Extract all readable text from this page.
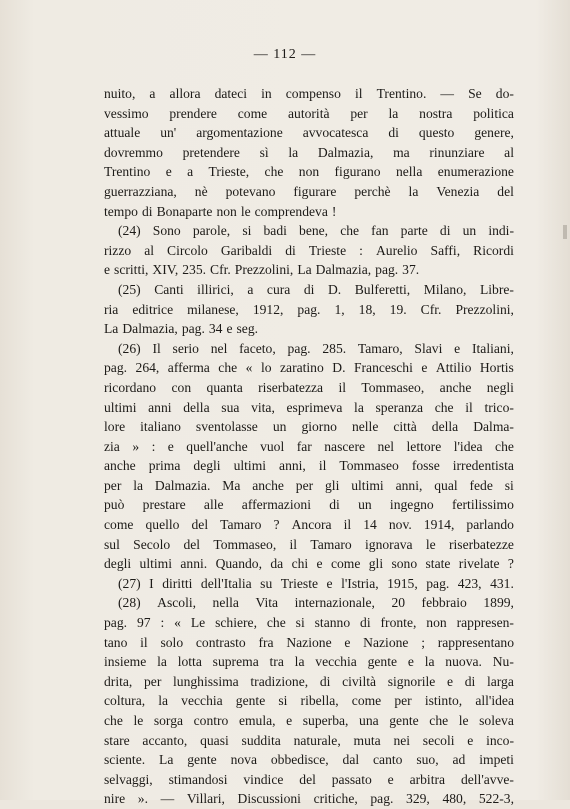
— 112 —
nuito, a allora dateci in compenso il Trentino. — Se do-
vessimo prendere come autorità per la nostra politica
attuale un' argomentazione avvocatesca di questo genere,
dovremmo pretendere sì la Dalmazia, ma rinunziare al
Trentino e a Trieste, che non figurano nella enumerazione
guerrazziana, nè potevano figurare perchè la Venezia del
tempo di Bonaparte non le comprendeva !
(24) Sono parole, si badi bene, che fan parte di un indi-
rizzo al Circolo Garibaldi di Trieste : Aurelio Saffi, Ricordi
e scritti, XIV, 235. Cfr. Prezzolini, La Dalmazia, pag. 37.
(25) Canti illirici, a cura di D. Bulferetti, Milano, Libre-
ria editrice milanese, 1912, pag. 1, 18, 19. Cfr. Prezzolini,
La Dalmazia, pag. 34 e seg.
(26) Il serio nel faceto, pag. 285. Tamaro, Slavi e Italiani,
pag. 264, afferma che « lo zaratino D. Franceschi e Attilio Hortis
ricordano con quanta riserbatezza il Tommaseo, anche negli
ultimi anni della sua vita, esprimeva la speranza che il trico-
lore italiano sventolasse un giorno nelle città della Dalma-
zia » : e quell'anche vuol far nascere nel lettore l'idea che
anche prima degli ultimi anni, il Tommaseo fosse irredentista
per la Dalmazia. Ma anche per gli ultimi anni, qual fede si
può prestare alle affermazioni di un ingegno fertilissimo
come quello del Tamaro ? Ancora il 14 nov. 1914, parlando
sul Secolo del Tommaseo, il Tamaro ignorava le riserbatezze
degli ultimi anni. Quando, da chi e come gli sono state rivelate ?
(27) I diritti dell'Italia su Trieste e l'Istria, 1915, pag. 423, 431.
(28) Ascoli, nella Vita internazionale, 20 febbraio 1899,
pag. 97 : « Le schiere, che si stanno di fronte, non rappresen-
tano il solo contrasto fra Nazione e Nazione ; rappresentano
insieme la lotta suprema tra la vecchia gente e la nuova. Nu-
drita, per lunghissima tradizione, di civiltà signorile e di larga
coltura, la vecchia gente si ribella, come per istinto, all'idea
che le sorga contro emula, e superba, una gente che le soleva
stare accanto, quasi suddita naturale, muta nei secoli e inco-
sciente. La gente nova obbedisce, dal canto suo, ad impeti
selvaggi, stimandosi vindice del passato e arbitra dell'avve-
nire ». — Villari, Discussioni critiche, pag. 329, 480, 522-3,
